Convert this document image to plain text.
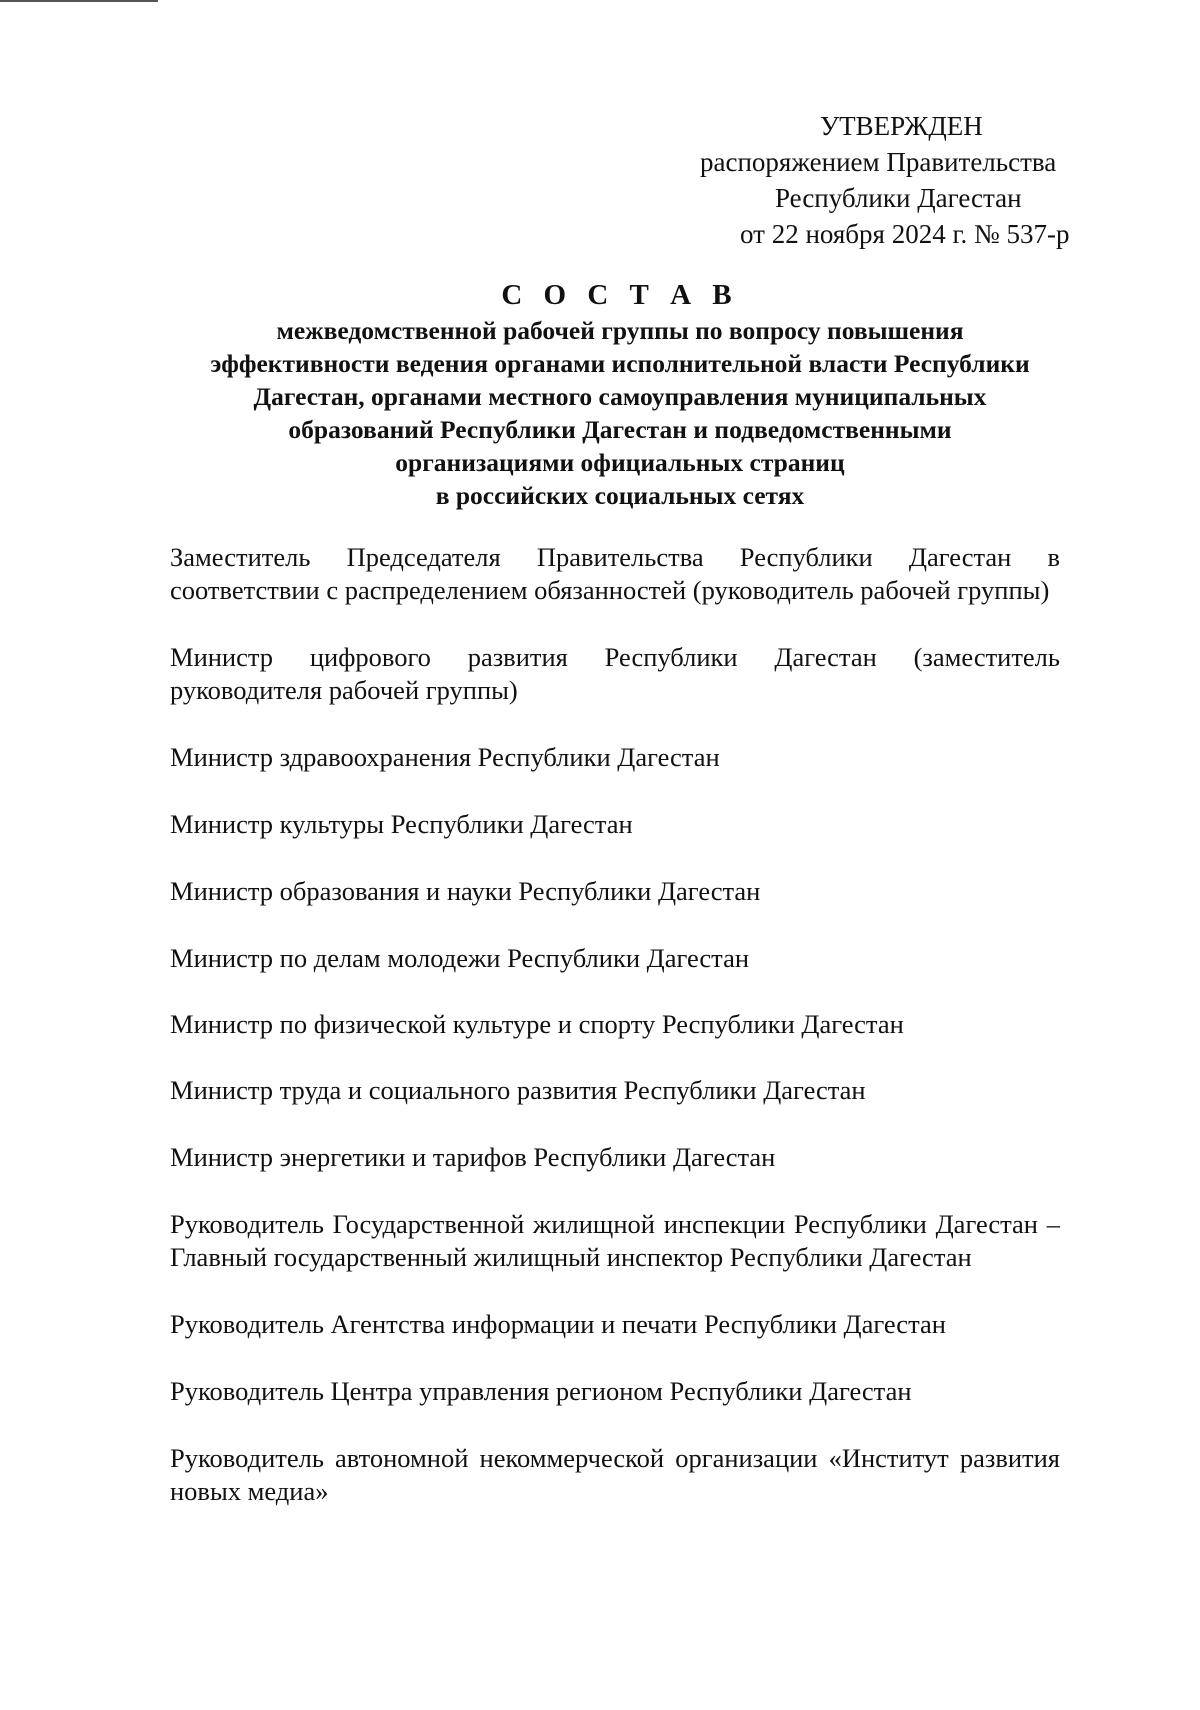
УТВЕРЖДЕН
распоряжением Правительства
Республики Дагестан
от 22 ноября 2024 г. № 537-р
С О С Т А В
межведомственной рабочей группы по вопросу повышения
эффективности ведения органами исполнительной власти Республики
Дагестан, органами местного самоуправления муниципальных
образований Республики Дагестан и подведомственными
организациями официальных страниц
в российских социальных сетях

Заместитель Председателя Правительства Республики Дагестан в соответствии с распределением обязанностей (руководитель рабочей группы)

Министр цифрового развития Республики Дагестан (заместитель руководителя рабочей группы)

Министр здравоохранения Республики Дагестан

Министр культуры Республики Дагестан

Министр образования и науки Республики Дагестан

Министр по делам молодежи Республики Дагестан

Министр по физической культуре и спорту Республики Дагестан

Министр труда и социального развития Республики Дагестан

Министр энергетики и тарифов Республики Дагестан

Руководитель Государственной жилищной инспекции Республики Дагестан – Главный государственный жилищный инспектор Республики Дагестан

Руководитель Агентства информации и печати Республики Дагестан

Руководитель Центра управления регионом Республики Дагестан

Руководитель автономной некоммерческой организации «Институт развития новых медиа»
